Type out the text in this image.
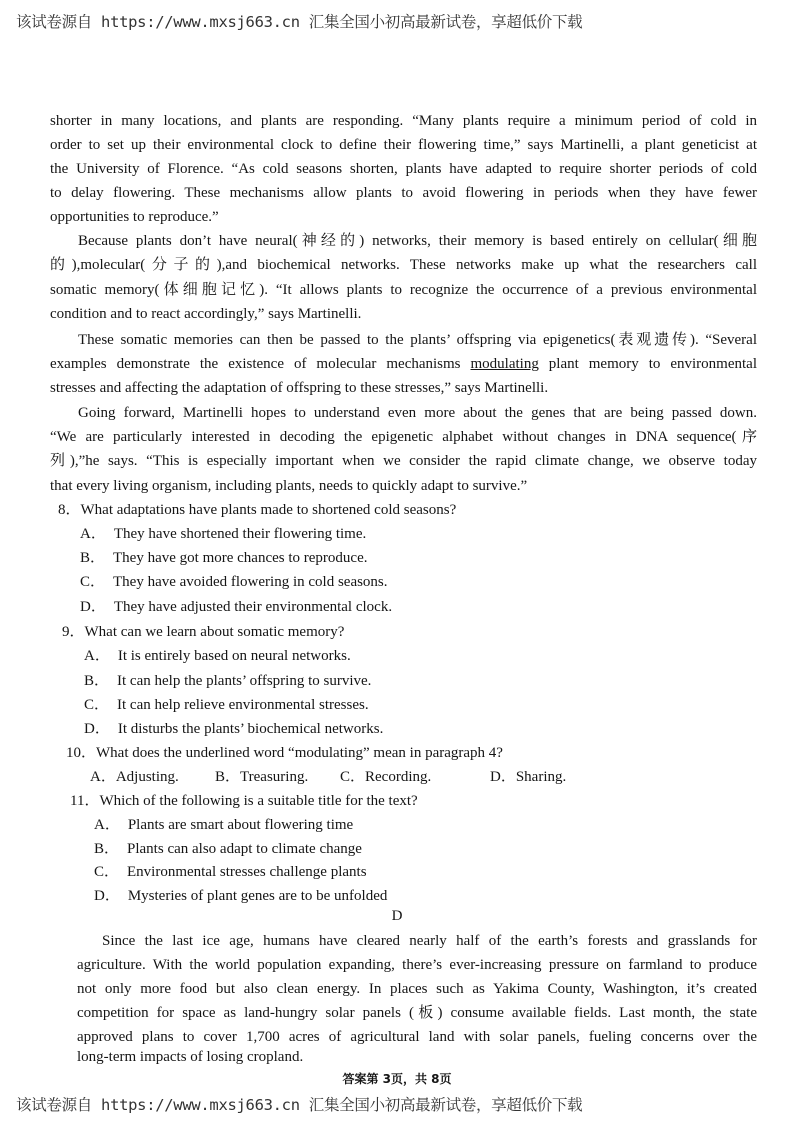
该试卷源自 https://www.mxsj663.cn 汇集全国小初高最新试卷，享超低价下载
shorter in many locations, and plants are responding. “Many plants require a minimum period of cold in
order to set up their environmental clock to define their flowering time,” says Martinelli, a plant geneticist at
the University of Florence. “As cold seasons shorten, plants have adapted to require shorter periods of cold
to delay flowering. These mechanisms allow plants to avoid flowering in periods when they have fewer
opportunities to reproduce.”
Because plants don’t have neural(神经的) networks, their memory is based entirely on cellular(细胞
的),molecular(分子的),and biochemical networks. These networks make up what the researchers call
somatic memory(体细胞记忆). “It allows plants to recognize the occurrence of a previous environmental
condition and to react accordingly,” says Martinelli.
These somatic memories can then be passed to the plants’ offspring via epigenetics(表观遗传). “Several
examples demonstrate the existence of molecular mechanisms modulating plant memory to environmental
stresses and affecting the adaptation of offspring to these stresses,” says Martinelli.
Going forward, Martinelli hopes to understand even more about the genes that are being passed down.
“We are particularly interested in decoding the epigenetic alphabet without changes in DNA sequence(序
列),”he says. “This is especially important when we consider the rapid climate change, we observe today
that every living organism, including plants, needs to quickly adapt to survive.”
8．What adaptations have plants made to shortened cold seasons?
A． They have shortened their flowering time.
B． They have got more chances to reproduce.
C． They have avoided flowering in cold seasons.
D． They have adjusted their environmental clock.
9．What can we learn about somatic memory?
A． It is entirely based on neural networks.
B． It can help the plants’ offspring to survive.
C． It can help relieve environmental stresses.
D． It disturbs the plants’ biochemical networks.
10．What does the underlined word “modulating” mean in paragraph 4?
A．Adjusting. B．Treasuring. C．Recording.	D．Sharing.
11．Which of the following is a suitable title for the text?
A． Plants are smart about flowering time
B． Plants can also adapt to climate change
C． Environmental stresses challenge plants
D． Mysteries of plant genes are to be unfolded
D
Since the last ice age, humans have cleared nearly half of the earth’s forests and grasslands for
agriculture. With the world population expanding, there’s ever-increasing pressure on farmland to produce
not only more food but also clean energy. In places such as Yakima County, Washington, it’s created
competition for space as land-hungry solar panels (板) consume available fields. Last month, the state
approved plans to cover 1,700 acres of agricultural land with solar panels, fueling concerns over the
long-term impacts of losing cropland.
答案第 3页，共 8页
该试卷源自 https://www.mxsj663.cn 汇集全国小初高最新试卷，享超低价下载
